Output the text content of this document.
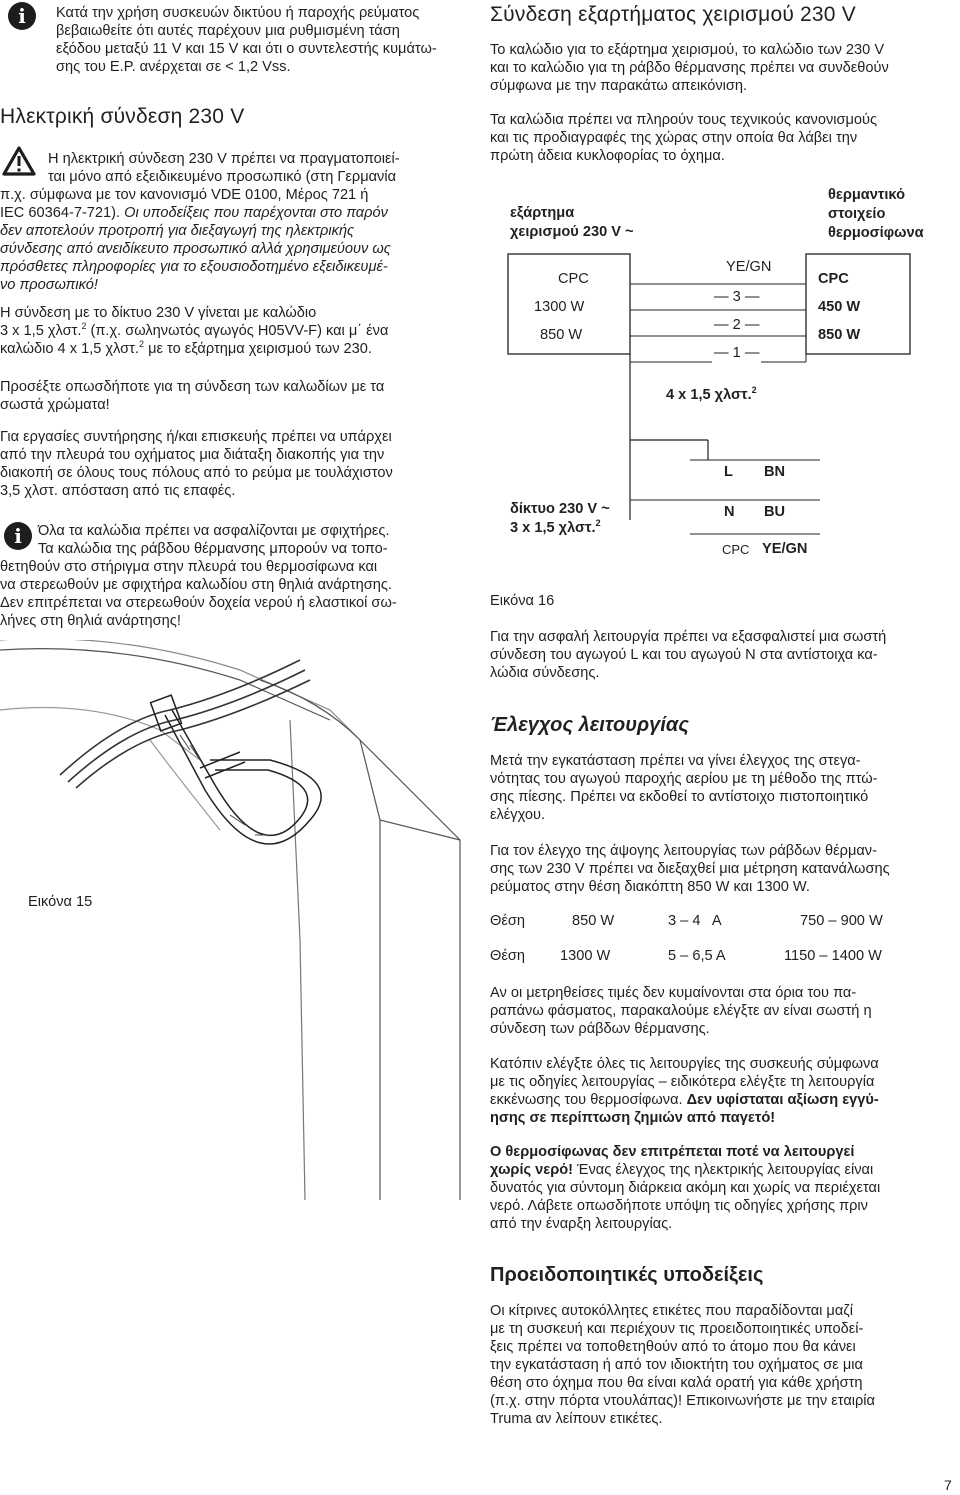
i	Κατά την χρήση συσκευών δικτύου ή παροχής ρεύματος
βεβαιωθείτε ότι αυτές παρέχουν μια ρυθμισμένη τάση
εξόδου μεταξύ 11 V και 15 V και ότι ο συντελεστής κυμάτω-
σης του Ε.Ρ. ανέρχεται σε < 1,2 Vss.

Ηλεκτρική σύνδεση 230 V

Η ηλεκτρική σύνδεση 230 V πρέπει να πραγματοποιεί-

ται μόνο από εξειδικευμένο προσωπικό (στη Γερμανία

π.χ. σύμφωνα με τον κανονισμό VDE 0100, Μέρος 721 ή
IEC 60364-7-721). Οι υποδείξεις που παρέχονται στο παρόν
δεν αποτελούν προτροπή για διεξαγωγή της ηλεκτρικής
σύνδεσης από ανειδίκευτο προσωπικό αλλά χρησιμεύουν ως
πρόσθετες πληροφορίες για το εξουσιοδοτημένο εξειδικευμέ-
νο προσωπικό!

Η σύνδεση με το δίκτυο 230 V γίνεται με καλώδιο
3 x 1,5 χλστ.$^2$ (π.χ. σωληνωτός αγωγός H05VV-F) και μ΄ ένα
καλώδιο 4 x 1,5 χλστ.$^2$ με το εξάρτημα χειρισμού των 230.

Προσέξτε οπωσδήποτε για τη σύνδεση των καλωδίων με τα
σωστά χρώματα!

Για εργασίες συντήρησης ή/και επισκευής πρέπει να υπάρχει
από την πλευρά του οχήματος μια διάταξη διακοπής για την
διακοπή σε όλους τους πόλους από το ρεύμα με τουλάχιστον
3,5 χλστ. απόσταση από τις επαφές.

i	Όλα τα καλώδια πρέπει να ασφαλίζονται με σφιχτήρες.

Τα καλώδια της ράβδου θέρμανσης μπορούν να τοπο-

θετηθούν στο στήριγμα στην πλευρά του θερμοσίφωνα και
να στερεωθούν με σφιχτήρα καλωδίου στη θηλιά ανάρτησης.
Δεν επιτρέπεται να στερεωθούν δοχεία νερού ή ελαστικοί σω-
λήνες στη θηλιά ανάρτησης!

Εικόνα 15
Σύνδεση εξαρτήματος χειρισμού 230 V

Το καλώδιο για το εξάρτημα χειρισμού, το καλώδιο των 230 V
και το καλώδιο για τη ράβδο θέρμανσης πρέπει να συνδεθούν
σύμφωνα με την παρακάτω απεικόνιση.

Τα καλώδια πρέπει να πληρούν τους τεχνικούς κανονισμούς
και τις προδιαγραφές της χώρας στην οποία θα λάβει την
πρώτη άδεια κυκλοφορίας το όχημα.

εξάρτημα
χειρισμού 230 V ~
θερμαντικό
στοιχείο
θερμοσίφωνα
CPC
1300 W
850 W
CPC
450 W
850 W
YE/GN
— 3 —
— 2 —
— 1 —
4 x 1,5 χλστ.$^2$
δίκτυο 230 V ~
3 x 1,5 χλστ.$^2$
L BN
N BU
CPC YE/GN
Εικόνα 16

Για την ασφαλή λειτουργία πρέπει να εξασφαλιστεί μια σωστή
σύνδεση του αγωγού L και του αγωγού N στα αντίστοιχα κα-
λώδια σύνδεσης.

Έλεγχος λειτουργίας

Μετά την εγκατάσταση πρέπει να γίνει έλεγχος της στεγα-
νότητας του αγωγού παροχής αερίου με τη μέθοδο της πτώ-
σης πίεσης. Πρέπει να εκδοθεί το αντίστοιχο πιστοποιητικό
ελέγχου.

Για τον έλεγχο της άψογης λειτουργίας των ράβδων θέρμαν-
σης των 230 V πρέπει να διεξαχθεί μια μέτρηση κατανάλωσης
ρεύματος στην θέση διακόπτη 850 W και 1300 W.

Θέση	850 W	3 – 4   A	750 – 900 W
Θέση 1300 W	5 – 6,5 A	1150 – 1400 W

Αν οι μετρηθείσες τιμές δεν κυμαίνονται στα όρια του πα-
ραπάνω φάσματος, παρακαλούμε ελέγξτε αν είναι σωστή η
σύνδεση των ράβδων θέρμανσης.

Κατόπιν ελέγξτε όλες τις λειτουργίες της συσκευής σύμφωνα
με τις οδηγίες λειτουργίας – ειδικότερα ελέγξτε τη λειτουργία
εκκένωσης του θερμοσίφωνα. Δεν υφίσταται αξίωση εγγύ-
ησης σε περίπτωση ζημιών από παγετό!

Ο θερμοσίφωνας δεν επιτρέπεται ποτέ να λειτουργεί
χωρίς νερό! Ένας έλεγχος της ηλεκτρικής λειτουργίας είναι
δυνατός για σύντομη διάρκεια ακόμη και χωρίς να περιέχεται
νερό. Λάβετε οπωσδήποτε υπόψη τις οδηγίες χρήσης πριν
από την έναρξη λειτουργίας.

Προειδοποιητικές υποδείξεις

Οι κίτρινες αυτοκόλλητες ετικέτες που παραδίδονται μαζί
με τη συσκευή και περιέχουν τις προειδοποιητικές υποδεί-
ξεις πρέπει να τοποθετηθούν από το άτομο που θα κάνει
την εγκατάσταση ή από τον ιδιοκτήτη του οχήματος σε μια
θέση στο όχημα που θα είναι καλά ορατή για κάθε χρήστη
(π.χ. στην πόρτα ντουλάπας)! Επικοινωνήστε με την εταιρία
Truma αν λείπουν ετικέτες.

7
